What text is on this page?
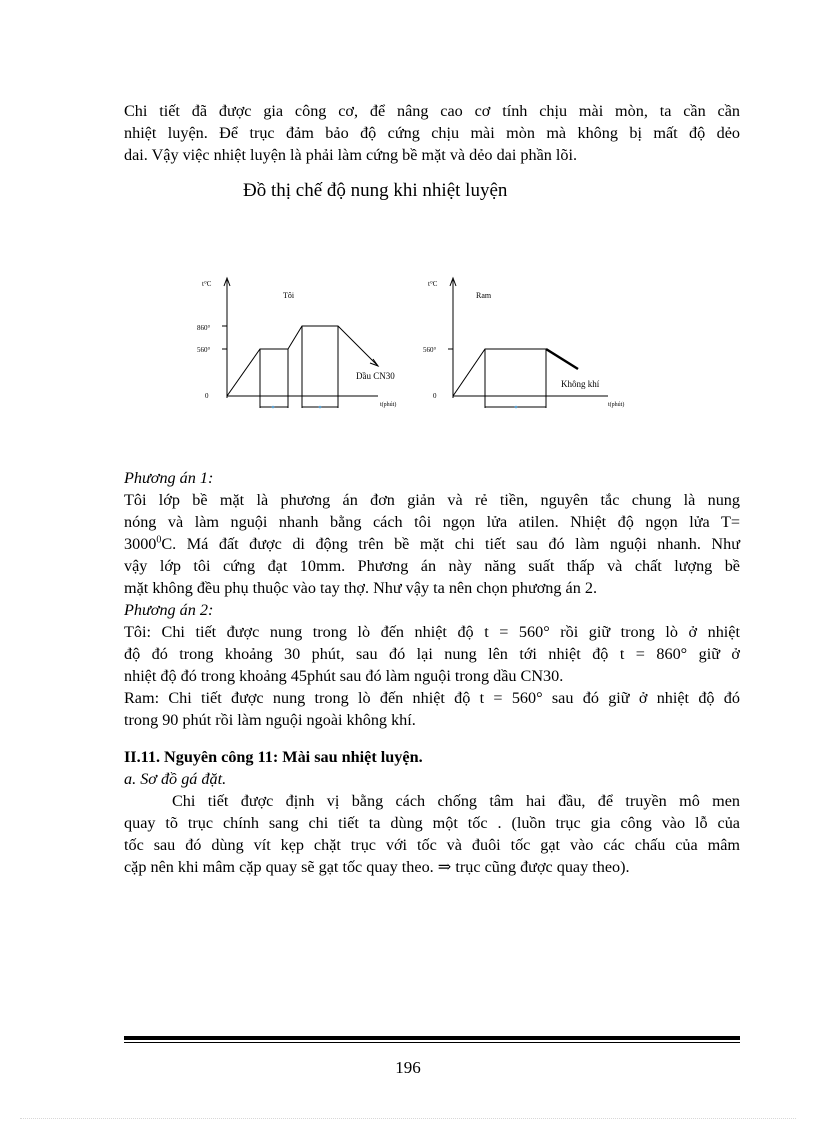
Chi tiết đã được gia công cơ, để nâng cao cơ tính chịu mài mòn, ta cần cần
nhiệt luyện. Để trục đảm bảo độ cứng chịu mài mòn mà không bị mất độ dẻo
dai. Vậy việc nhiệt luyện là phải làm cứng bề mặt và dẻo dai phần lõi.

Đồ thị chế độ nung khi nhiệt luyện

t°C
Tôi
860°
560°
0
Dầu CN30
t(phút)
t°C
Ram
560°
0
Không khí
t(phút)

Phương án 1:
Tôi lớp bề mặt là phương án đơn giản và rẻ tiền, nguyên tắc chung là nung
nóng và làm nguội nhanh bằng cách tôi ngọn lửa atilen. Nhiệt độ ngọn lửa T=
$3000^0C$. Má đất được di động trên bề mặt chi tiết sau đó làm nguội nhanh. Như
vậy lớp tôi cứng đạt 10mm. Phương án này năng suất thấp và chất lượng bề
mặt không đều phụ thuộc vào tay thợ. Như vậy ta nên chọn phương án 2.

Phương án 2:
Tôi: Chi tiết được nung trong lò đến nhiệt độ t = 560° rồi giữ trong lò ở nhiệt
độ đó trong khoảng 30 phút, sau đó lại nung lên tới nhiệt độ t = 860° giữ ở
nhiệt độ đó trong khoảng 45phút sau đó làm nguội trong dầu CN30.
Ram: Chi tiết được nung trong lò đến nhiệt độ t = 560° sau đó giữ ở nhiệt độ đó
trong 90 phút rồi làm nguội ngoài không khí.

II.11. Nguyên công 11: Mài sau nhiệt luyện.
a. Sơ đồ gá đặt.
Chi tiết được định vị bằng cách chống tâm hai đầu, để truyền mô men
quay tõ trục chính sang chi tiết ta dùng một tốc . (luồn trục gia công vào lỗ của
tốc sau đó dùng vít kẹp chặt trục với tốc và đuôi tốc gạt vào các chấu của mâm
cặp nên khi mâm cặp quay sẽ gạt tốc quay theo. ⇒ trục cũng được quay theo).

196
